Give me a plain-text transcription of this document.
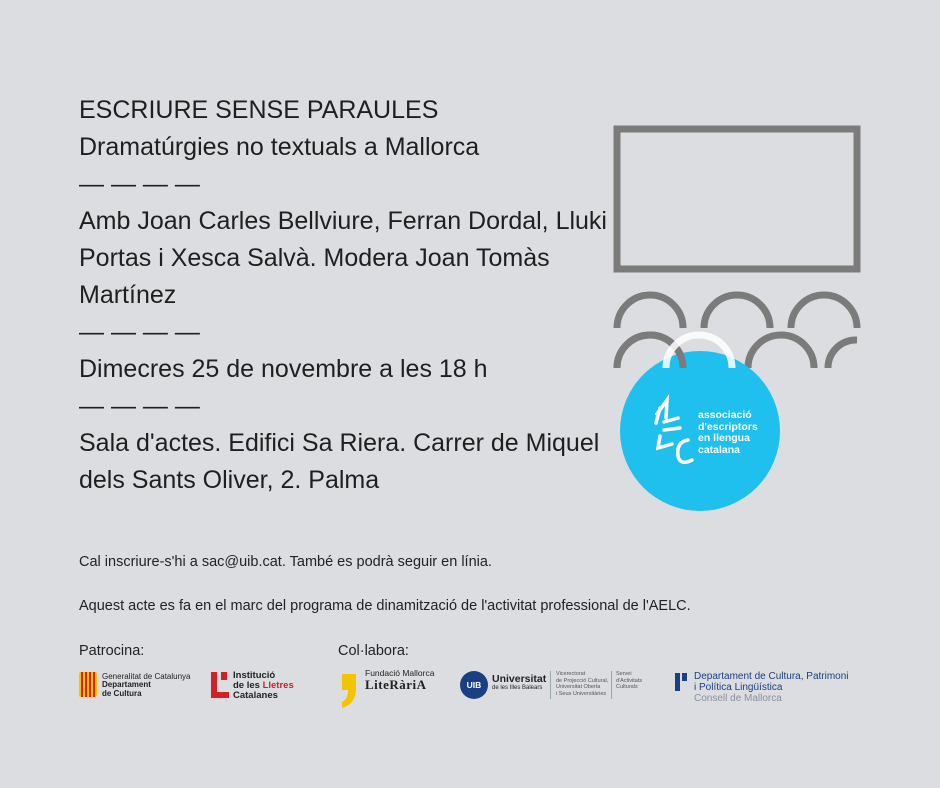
ESCRIURE SENSE PARAULES
Dramatúrgies no textuals a Mallorca
— — — —
Amb Joan Carles Bellviure, Ferran Dordal, Lluki
Portas i Xesca Salvà. Modera Joan Tomàs
Martínez
— — — —
Dimecres 25 de novembre a les 18 h
— — — —
Sala d'actes. Edifici Sa Riera. Carrer de Miquel
dels Sants Oliver, 2. Palma
associació
d'escriptors
en llengua
catalana
Cal inscriure-s'hi a sac@uib.cat. També es podrà seguir en línia.
Aquest acte es fa en el marc del programa de dinamització de l'activitat professional de l'AELC.
Patrocina:	Col·labora:
Generalitat de Catalunya
Departament
de Cultura
Institució
de les Lletres
Catalanes
Fundació Mallorca
LiteRàriA	UIB	Universitat
de les Illes Balears
Vicerectorat
de Projecció Cultural,
Universitat Oberta
i Seus Universitàries
Servei
d'Activitats
Culturals
Departament de Cultura, Patrimoni
i Política Lingüística
Consell de Mallorca
